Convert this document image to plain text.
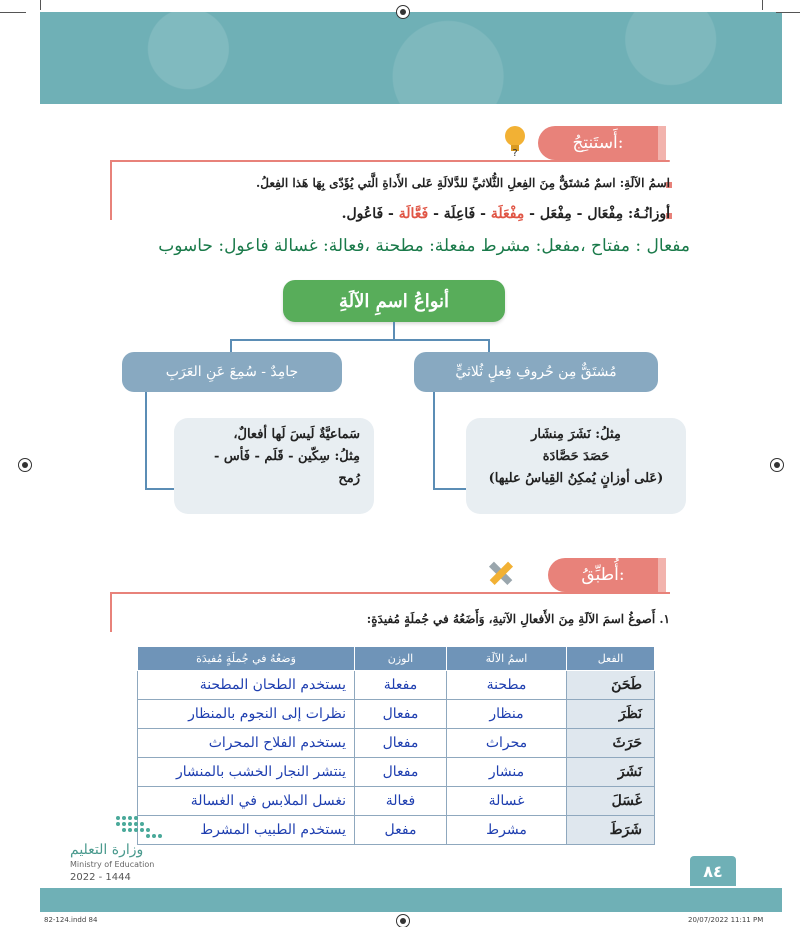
أَستَنتِجُ:
?
اسمُ الآلَةِ: اسمٌ مُشتَقٌّ مِنَ الفِعلِ الثُّلاثيِّ للدَّلالَةِ عَلى الأَداةِ الَّتي يُؤَدّى بِهَا هَذا الفِعلُ.
أوزانُـهُ: مِفْعَال - مِفْعَل - مِفْعَلَة - فَاعِلَة - فَعَّالَة - فَاعُول.
مفعال : مفتاح ،مفعل: مشرط مفعلة: مطحنة ،فعالة: غسالة فاعول: حاسوب
أنواعُ اسمِ الآلَةِ
جامِدٌ - سُمِعَ عَنِ العَرَبِ	مُشتَقٌّ مِن حُروفِ فِعلٍ ثُلاثيٍّ
سَماعيَّةٌ لَيسَ لَها أفعالٌ،
مِثلُ: سِكّين - قَلَم - فَأس -
رُمح
مِثلُ: نَشَرَ مِنشَار
حَصَدَ حَصَّادَة
(عَلى أوزانٍ يُمكِنُ القِياسُ عليها)
أُطبِّقُ:
١. أَصوغُ اسمَ الآلَةِ مِنَ الأَفعالِ الآتيةِ، وَأَضَعُهُ في جُملَةٍ مُفيدَةٍ:
الفعل	اسمُ الآلَة	الوزن	وَضعُهُ في جُملَةٍ مُفيدَة
طَحَنَ	مطحنة	مفعلة	يستخدم الطحان المطحنة
نَظَرَ	منظار	مفعال	نظرات إلى النجوم بالمنظار
حَرَثَ	محراث	مفعال	يستخدم الفلاح المحراث
نَشَرَ	منشار	مفعال	ينتشر النجار الخشب بالمنشار
غَسَلَ	غسالة	فعالة	نغسل الملابس في الغسالة
شَرَطَ	مشرط	مفعل	يستخدم الطبيب المشرط
وزارة التعليم
Ministry of Education
2022 - 1444	٨٤
82-124.indd 84	20/07/2022 11:11 PM
